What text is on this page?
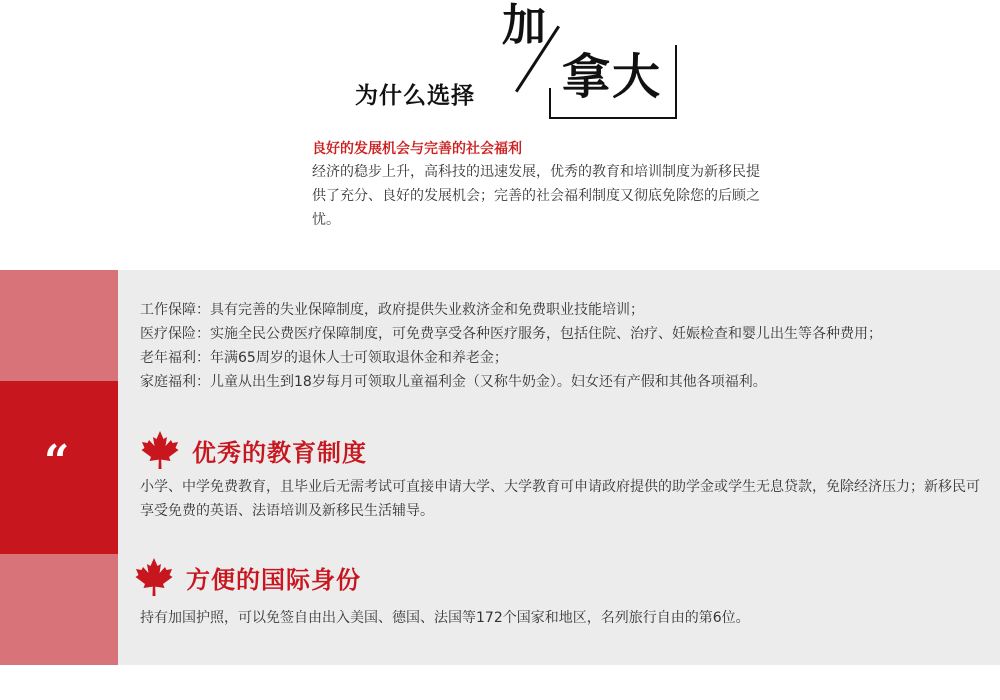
为什么选择
加
拿大
良好的发展机会与完善的社会福利
经济的稳步上升，高科技的迅速发展，优秀的教育和培训制度为新移民提供了充分、良好的发展机会；完善的社会福利制度又彻底免除您的后顾之忧。
“
工作保障：具有完善的失业保障制度，政府提供失业救济金和免费职业技能培训；
医疗保险：实施全民公费医疗保障制度，可免费享受各种医疗服务，包括住院、治疗、妊娠检查和婴儿出生等各种费用；
老年福利：年满65周岁的退休人士可领取退休金和养老金；
家庭福利：儿童从出生到18岁每月可领取儿童福利金（又称牛奶金）。妇女还有产假和其他各项福利。
优秀的教育制度
小学、中学免费教育，且毕业后无需考试可直接申请大学、大学教育可申请政府提供的助学金或学生无息贷款，免除经济压力；新移民可享受免费的英语、法语培训及新移民生活辅导。
方便的国际身份
持有加国护照，可以免签自由出入美国、德国、法国等172个国家和地区，名列旅行自由的第6位。
